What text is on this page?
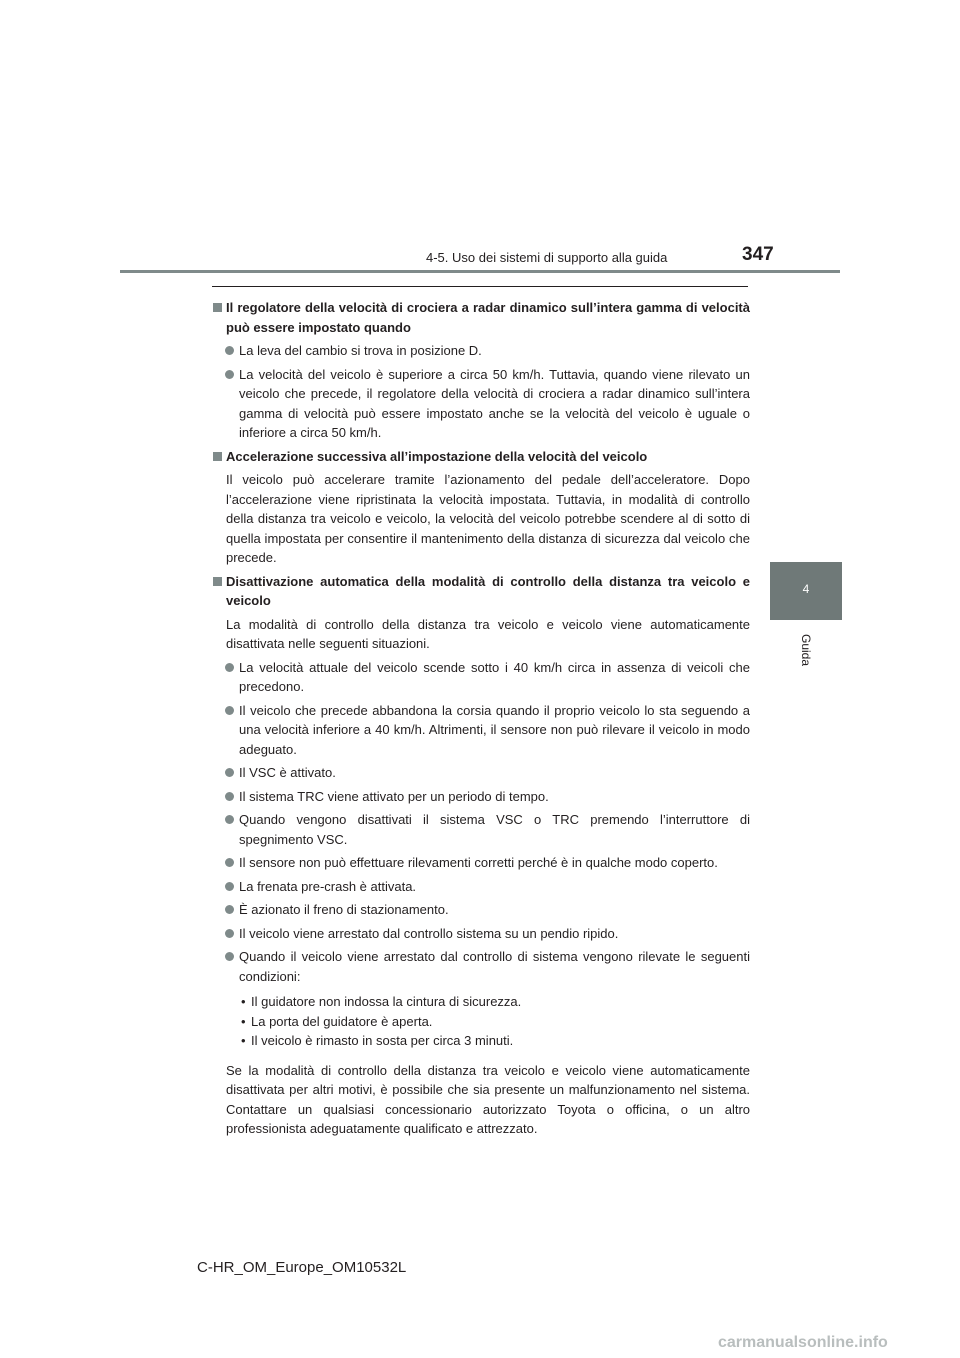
4-5. Uso dei sistemi di supporto alla guida	347
4
Guida
Il regolatore della velocità di crociera a radar dinamico sull’intera gamma di velocità può essere impostato quando
La leva del cambio si trova in posizione D.
La velocità del veicolo è superiore a circa 50 km/h. Tuttavia, quando viene rilevato un veicolo che precede, il regolatore della velocità di crociera a radar dinamico sull’intera gamma di velocità può essere impostato anche se la velocità del veicolo è uguale o inferiore a circa 50 km/h.
Accelerazione successiva all’impostazione della velocità del veicolo
Il veicolo può accelerare tramite l’azionamento del pedale dell’acceleratore. Dopo l’accelerazione viene ripristinata la velocità impostata. Tuttavia, in modalità di controllo della distanza tra veicolo e veicolo, la velocità del veicolo potrebbe scendere al di sotto di quella impostata per consentire il mantenimento della distanza di sicurezza dal veicolo che precede.
Disattivazione automatica della modalità di controllo della distanza tra veicolo e veicolo
La modalità di controllo della distanza tra veicolo e veicolo viene automaticamente disattivata nelle seguenti situazioni.
La velocità attuale del veicolo scende sotto i 40 km/h circa in assenza di veicoli che precedono.
Il veicolo che precede abbandona la corsia quando il proprio veicolo lo sta seguendo a una velocità inferiore a 40 km/h. Altrimenti, il sensore non può rilevare il veicolo in modo adeguato.
Il VSC è attivato.
Il sistema TRC viene attivato per un periodo di tempo.
Quando vengono disattivati il sistema VSC o TRC premendo l’interruttore di spegnimento VSC.
Il sensore non può effettuare rilevamenti corretti perché è in qualche modo coperto.
La frenata pre-crash è attivata.
È azionato il freno di stazionamento.
Il veicolo viene arrestato dal controllo sistema su un pendio ripido.
Quando il veicolo viene arrestato dal controllo di sistema vengono rilevate le seguenti condizioni:
• Il guidatore non indossa la cintura di sicurezza.
• La porta del guidatore è aperta.
• Il veicolo è rimasto in sosta per circa 3 minuti.
Se la modalità di controllo della distanza tra veicolo e veicolo viene automaticamente disattivata per altri motivi, è possibile che sia presente un malfunzionamento nel sistema. Contattare un qualsiasi concessionario autorizzato Toyota o officina, o un altro professionista adeguatamente qualificato e attrezzato.
C-HR_OM_Europe_OM10532L
carmanualsonline.info
